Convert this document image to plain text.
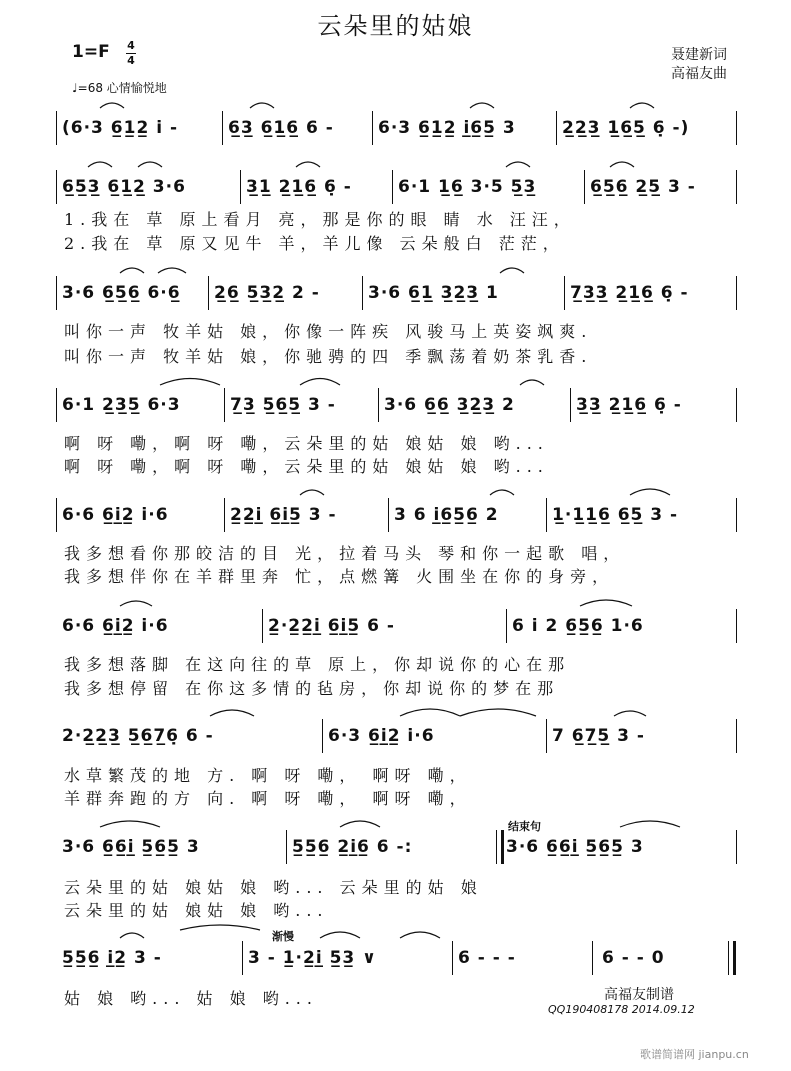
云朵里的姑娘
1=F 4
4
♩=68 心情愉悦地
聂建新词
高福友曲
(6·3 6̲1̲2̲ i -	6̲3̲ 6̲1̲6̲ 6 -	6·3 6̲1̲2̲ i̲6̲5̲ 3	2̲2̲3̲ 1̲6̲5̲ 6̣ -)
6̲5̲3̲ 6̲1̲2̲ 3·6	3̲1̲ 2̲1̲6̲ 6̣ -	6·1 1̲6̲ 3·5 5̲3̲	6̲5̲6̲ 2̲5̲ 3 -
1.我在 草 原上看月 亮，那是你的眼 睛 水 汪汪，
2.我在 草 原又见牛 羊，羊儿像 云朵般白 茫茫，
3·6 6̲5̲6̲ 6·6̲ 2̲6̲ 5̲3̲2̲ 2 -	3·6 6̲1̲ 3̲2̲3̲ 1	7̲3̲3̲ 2̲1̲6̲ 6̣ -
叫你一声 牧羊姑 娘，你像一阵疾 风骏马上英姿飒爽.
叫你一声 牧羊姑 娘，你驰骋的四 季飘荡着奶茶乳香.
6·1 2̲3̲5̲ 6·3	7̲3̲ 5̲6̲5̲ 3 -	3·6 6̲6̲ 3̲2̲3̲ 2	3̲3̲ 2̲1̲6̲ 6̣ -
啊 呀 嘞，啊 呀 嘞，云朵里的姑 娘姑 娘 哟...
啊 呀 嘞，啊 呀 嘞，云朵里的姑 娘姑 娘 哟...
6·6 6̲i̲2̲ i·6	2̲2̲i̲ 6̲i̲5̲ 3 -	3 6 i̲6̲5̲6̲ 2	1̲·1̲1̲6̲ 6̲5̲ 3 -
我多想看你那皎洁的目 光，拉着马头 琴和你一起歌 唱，
我多想伴你在羊群里奔 忙，点燃篝 火围坐在你的身旁，
6·6 6̲i̲2̲ i·6	2̲·2̲2̲i̲ 6̲i̲5̲ 6 -	6 i 2 6̲5̲6̲ 1·6
我多想落脚 在这向往的草 原上，你却说你的心在那
我多想停留 在你这多情的毡房，你却说你的梦在那
2·2̲2̲3̲ 5̲6̲7̲6̣ 6 -	6·3 6̲i̲2̲ i·6	7 6̲7̲5̲ 3 -
水草繁茂的地 方. 啊 呀 嘞， 啊呀 嘞，
羊群奔跑的方 向. 啊 呀 嘞， 啊呀 嘞，
结束句
3·6 6̲6̲i̲ 5̲6̲5̲ 3	5̲5̲6̲ 2̲i̲6̲ 6 -:	3·6 6̲6̲i̲ 5̲6̲5̲ 3
云朵里的姑 娘姑 娘 哟... 云朵里的姑 娘
云朵里的姑 娘姑 娘 哟...
渐慢
5̲5̲6̲ i̲2̲ 3 -	3 - 1̲·2̲i̲ 5̲3̲ ∨	6 - - -	6 - - 0
姑 娘 哟... 姑 娘 哟...	高福友制谱
QQ190408178 2014.09.12
歌谱简谱网 jianpu.cn
